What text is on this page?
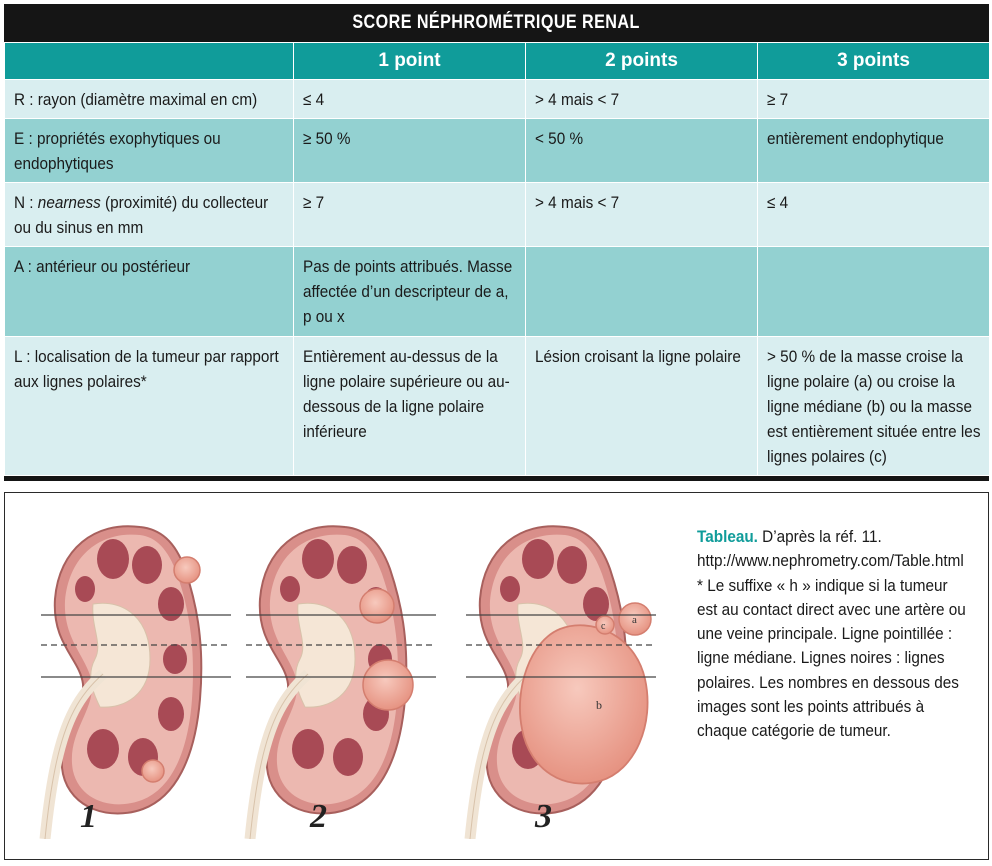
SCORE NÉPHROMÉTRIQUE RENAL
	1 point	2 points	3 points

R : rayon (diamètre maximal en cm)	≤ 4	> 4 mais < 7	≥ 7

E : propriétés exophytiques ou endophytiques	≥ 50 %	< 50 %	entièrement endophytique

N : nearness (proximité) du collecteur ou du sinus en mm	≥ 7	> 4 mais < 7	≤ 4

A : antérieur ou postérieur	Pas de points attribués. Masse affectée d’un descripteur de a, p ou x		

L : localisation de la tumeur par rapport aux lignes polaires*	Entièrement au-dessus de la ligne polaire supérieure ou au-dessous de la ligne polaire inférieure	Lésion croisant la ligne polaire	> 50 % de la masse croise la ligne polaire (a) ou croise la ligne médiane (b) ou la masse est entièrement située entre les lignes polaires (c)
1	2
a
b
c
3
Tableau. D’après la réf. 11. http://www.nephrometry.com/Table.html * Le suffixe « h » indique si la tumeur est au contact direct avec une artère ou une veine principale. Ligne pointillée : ligne médiane. Lignes noires : lignes polaires. Les nombres en dessous des images sont les points attribués à chaque catégorie de tumeur.
